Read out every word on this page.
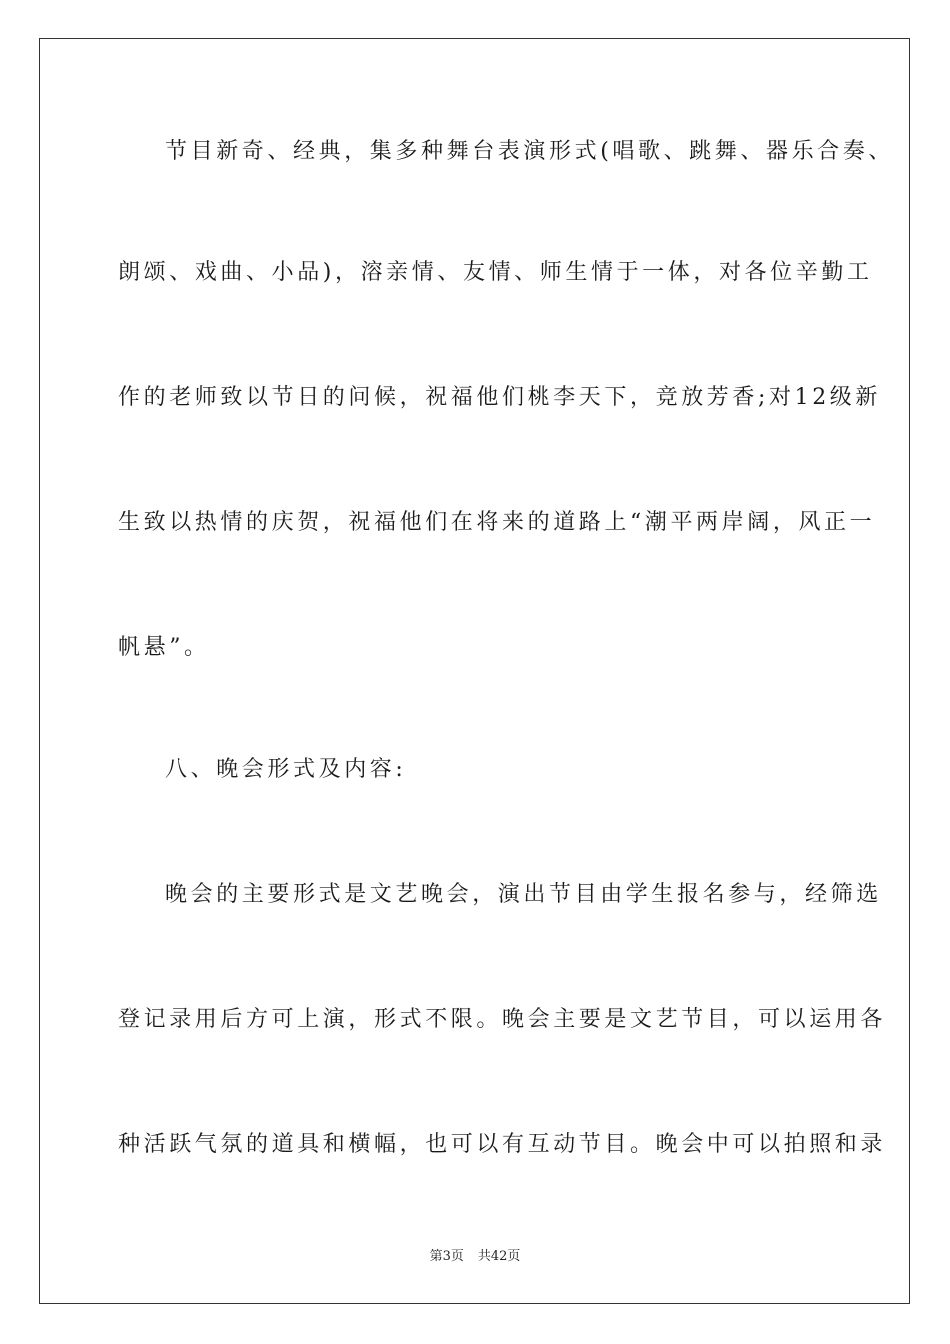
节目新奇、经典，集多种舞台表演形式(唱歌、跳舞、器乐合奏、

朗颂、戏曲、小品)，溶亲情、友情、师生情于一体，对各位辛勤工

作的老师致以节日的问候，祝福他们桃李天下，竞放芳香;对12级新

生致以热情的庆贺，祝福他们在将来的道路上“潮平两岸阔，风正一

帆悬”。

八、晚会形式及内容:

晚会的主要形式是文艺晚会，演出节目由学生报名参与，经筛选

登记录用后方可上演，形式不限。晚会主要是文艺节目，可以运用各

种活跃气氛的道具和横幅，也可以有互动节目。晚会中可以拍照和录

第3页 共42页
